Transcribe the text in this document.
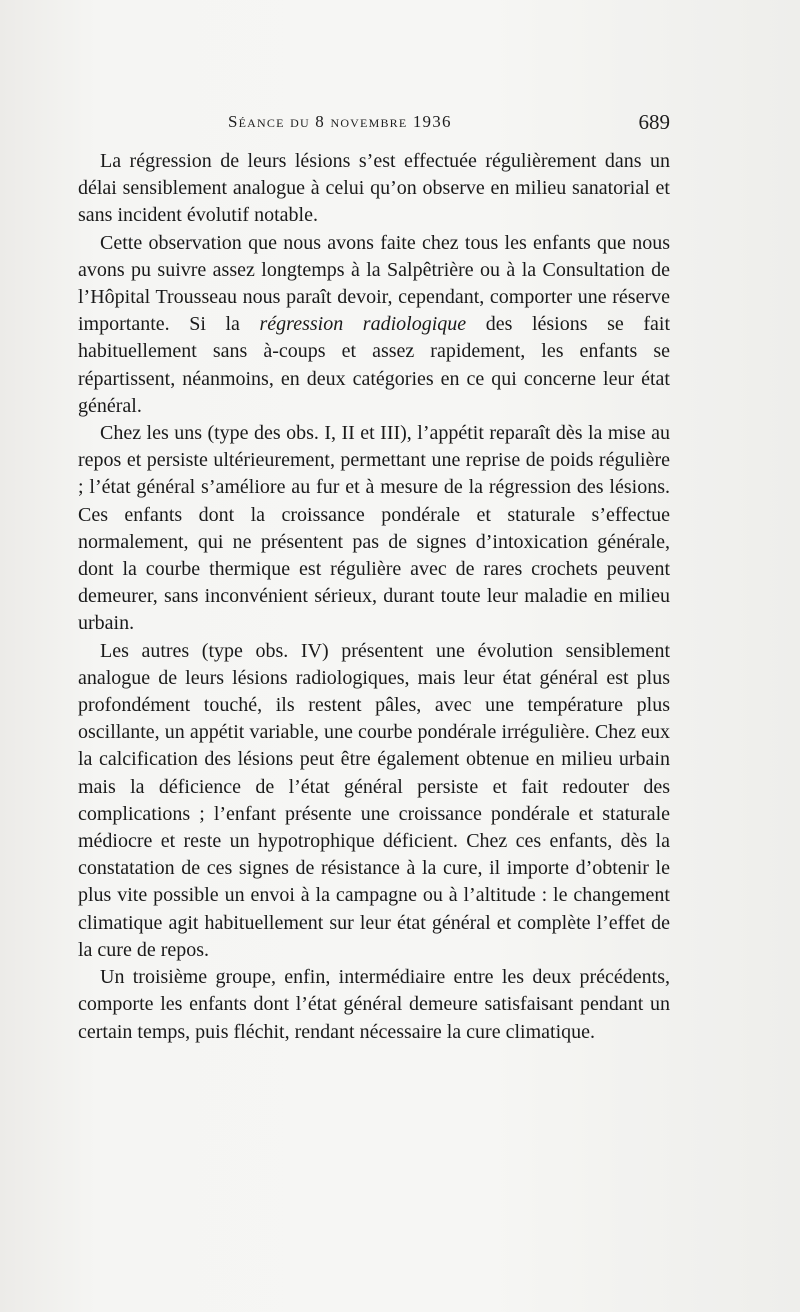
Séance du 8 novembre 1936	689

La régression de leurs lésions s’est effectuée régulièrement dans un délai sensiblement analogue à celui qu’on observe en milieu sanatorial et sans incident évolutif notable.

Cette observation que nous avons faite chez tous les enfants que nous avons pu suivre assez longtemps à la Salpêtrière ou à la Consultation de l’Hôpital Trousseau nous paraît devoir, cependant, comporter une réserve importante. Si la régression radiologique des lésions se fait habituellement sans à-coups et assez rapidement, les enfants se répartissent, néanmoins, en deux catégories en ce qui concerne leur état général.

Chez les uns (type des obs. I, II et III), l’appétit reparaît dès la mise au repos et persiste ultérieurement, permettant une reprise de poids régulière ; l’état général s’améliore au fur et à mesure de la régression des lésions. Ces enfants dont la croissance pondérale et staturale s’effectue normalement, qui ne présentent pas de signes d’intoxication générale, dont la courbe thermique est régulière avec de rares crochets peuvent demeurer, sans inconvénient sérieux, durant toute leur maladie en milieu urbain.

Les autres (type obs. IV) présentent une évolution sensiblement analogue de leurs lésions radiologiques, mais leur état général est plus profondément touché, ils restent pâles, avec une température plus oscillante, un appétit variable, une courbe pondérale irrégulière. Chez eux la calcification des lésions peut être également obtenue en milieu urbain mais la déficience de l’état général persiste et fait redouter des complications ; l’enfant présente une croissance pondérale et staturale médiocre et reste un hypotrophique déficient. Chez ces enfants, dès la constatation de ces signes de résistance à la cure, il importe d’obtenir le plus vite possible un envoi à la campagne ou à l’altitude : le changement climatique agit habituellement sur leur état général et complète l’effet de la cure de repos.

Un troisième groupe, enfin, intermédiaire entre les deux précédents, comporte les enfants dont l’état général demeure satisfaisant pendant un certain temps, puis fléchit, rendant nécessaire la cure climatique.
